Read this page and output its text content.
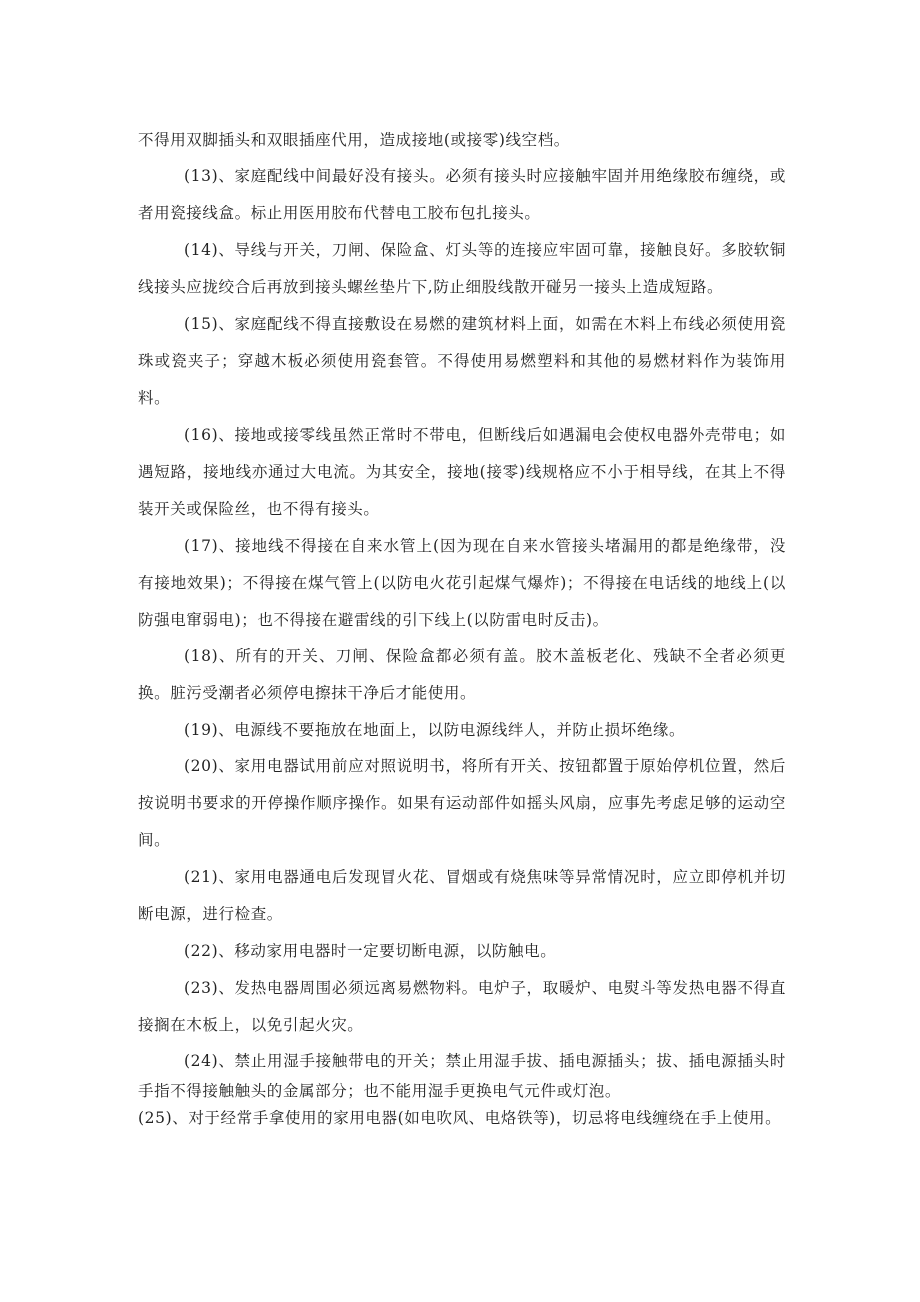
不得用双脚插头和双眼插座代用，造成接地(或接零)线空档。

(13)、家庭配线中间最好没有接头。必须有接头时应接触牢固并用绝缘胶布缠绕，或者用瓷接线盒。标止用医用胶布代替电工胶布包扎接头。

(14)、导线与开关，刀闸、保险盒、灯头等的连接应牢固可靠，接触良好。多胶软铜线接头应拢绞合后再放到接头螺丝垫片下,防止细股线散开碰另一接头上造成短路。

(15)、家庭配线不得直接敷设在易燃的建筑材料上面，如需在木料上布线必须使用瓷珠或瓷夹子；穿越木板必须使用瓷套管。不得使用易燃塑料和其他的易燃材料作为装饰用料。

(16)、接地或接零线虽然正常时不带电，但断线后如遇漏电会使权电器外壳带电；如遇短路，接地线亦通过大电流。为其安全，接地(接零)线规格应不小于相导线，在其上不得装开关或保险丝，也不得有接头。

(17)、接地线不得接在自来水管上(因为现在自来水管接头堵漏用的都是绝缘带，没有接地效果)；不得接在煤气管上(以防电火花引起煤气爆炸)；不得接在电话线的地线上(以防强电窜弱电)；也不得接在避雷线的引下线上(以防雷电时反击)。

(18)、所有的开关、刀闸、保险盒都必须有盖。胶木盖板老化、残缺不全者必须更换。脏污受潮者必须停电擦抹干净后才能使用。

(19)、电源线不要拖放在地面上，以防电源线绊人，并防止损坏绝缘。

(20)、家用电器试用前应对照说明书，将所有开关、按钮都置于原始停机位置，然后按说明书要求的开停操作顺序操作。如果有运动部件如摇头风扇，应事先考虑足够的运动空间。

(21)、家用电器通电后发现冒火花、冒烟或有烧焦味等异常情况时，应立即停机并切断电源，进行检查。

(22)、移动家用电器时一定要切断电源，以防触电。

(23)、发热电器周围必须远离易燃物料。电炉子，取暖炉、电熨斗等发热电器不得直接搁在木板上，以免引起火灾。

(24)、禁止用湿手接触带电的开关；禁止用湿手拔、插电源插头；拔、插电源插头时手指不得接触触头的金属部分；也不能用湿手更换电气元件或灯泡。

(25)、对于经常手拿使用的家用电器(如电吹风、电烙铁等)，切忌将电线缠绕在手上使用。
